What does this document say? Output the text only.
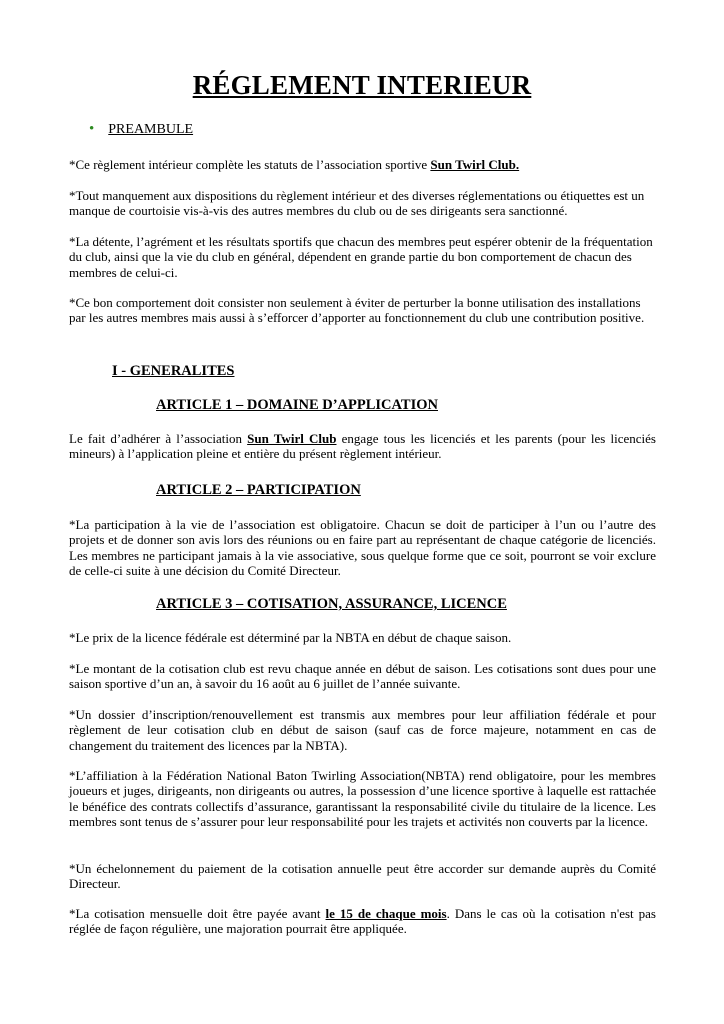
RÉGLEMENT INTERIEUR
• PREAMBULE

*Ce règlement intérieur complète les statuts de l’association sportive Sun Twirl Club.

*Tout manquement aux dispositions du règlement intérieur et des diverses réglementations ou étiquettes est un manque de courtoisie vis-à-vis des autres membres du club ou de ses dirigeants sera sanctionné.

*La détente, l’agrément et les résultats sportifs que chacun des membres peut espérer obtenir de la fréquentation du club, ainsi que la vie du club en général, dépendent en grande partie du bon comportement de chacun des membres de celui-ci.

*Ce bon comportement doit consister non seulement à éviter de perturber la bonne utilisation des installations par les autres membres mais aussi à s’efforcer d’apporter au fonctionnement du club une contribution positive.

I - GENERALITES
ARTICLE 1 – DOMAINE D’APPLICATION

Le fait d’adhérer à l’association Sun Twirl Club engage tous les licenciés et les parents (pour les licenciés mineurs) à l’application pleine et entière du présent règlement intérieur.

ARTICLE 2 – PARTICIPATION

*La participation à la vie de l’association est obligatoire. Chacun se doit de participer à l’un ou l’autre des projets et de donner son avis lors des réunions ou en faire part au représentant de chaque catégorie de licenciés. Les membres ne participant jamais à la vie associative, sous quelque forme que ce soit, pourront se voir exclure de celle-ci suite à une décision du Comité Directeur.

ARTICLE 3 – COTISATION, ASSURANCE, LICENCE

*Le prix de la licence fédérale est déterminé par la NBTA en début de chaque saison.

*Le montant de la cotisation club est revu chaque année en début de saison. Les cotisations sont dues pour une saison sportive d’un an, à savoir du 16 août au 6 juillet de l’année suivante.

*Un dossier d’inscription/renouvellement est transmis aux membres pour leur affiliation fédérale et pour règlement de leur cotisation club en début de saison (sauf cas de force majeure, notamment en cas de changement du traitement des licences par la NBTA).

*L’affiliation à la Fédération National Baton Twirling Association(NBTA) rend obligatoire, pour les membres joueurs et juges, dirigeants, non dirigeants ou autres, la possession d’une licence sportive à laquelle est rattachée le bénéfice des contrats collectifs d’assurance, garantissant la responsabilité civile du titulaire de la licence. Les membres sont tenus de s’assurer pour leur responsabilité pour les trajets et activités non couverts par la licence.

*Un échelonnement du paiement de la cotisation annuelle peut être accorder sur demande auprès du Comité Directeur.

*La cotisation mensuelle doit être payée avant le 15 de chaque mois. Dans le cas où la cotisation n'est pas réglée de façon régulière, une majoration pourrait être appliquée.
